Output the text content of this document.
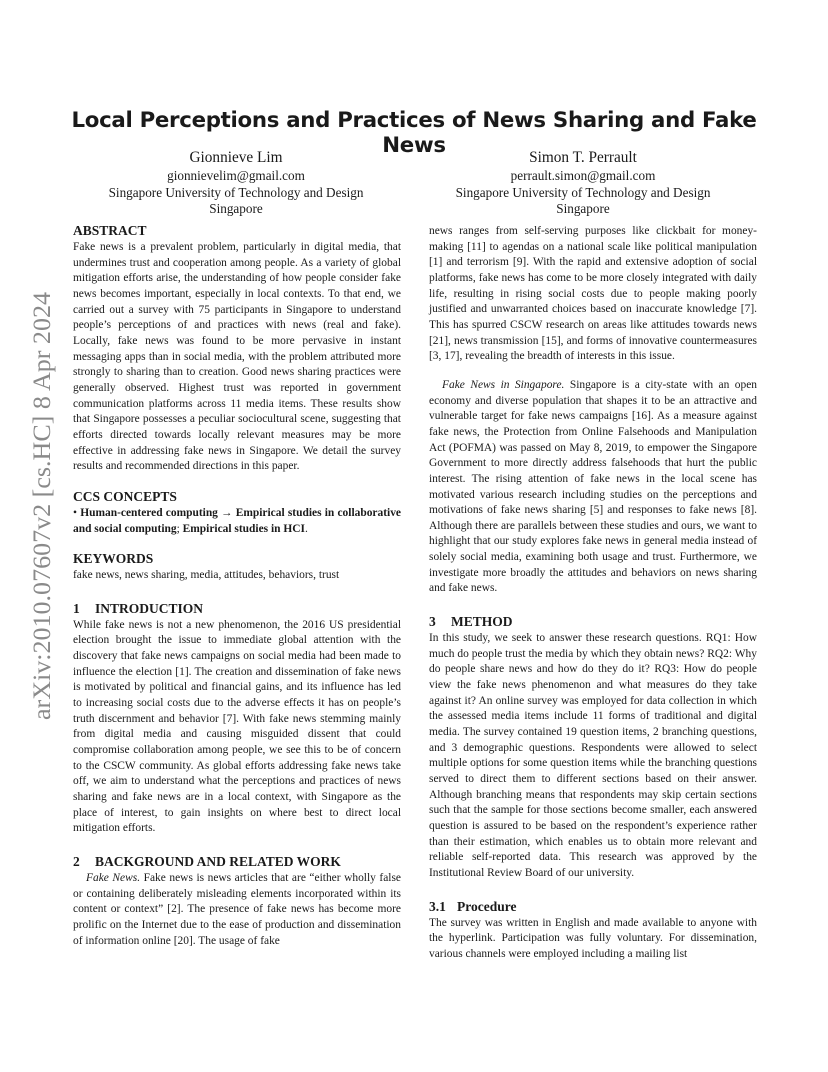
arXiv:2010.07607v2 [cs.HC] 8 Apr 2024
Local Perceptions and Practices of News Sharing and Fake News
Gionnieve Lim
gionnievelim@gmail.com
Singapore University of Technology and Design
Singapore
Simon T. Perrault
perrault.simon@gmail.com
Singapore University of Technology and Design
Singapore
ABSTRACT

Fake news is a prevalent problem, particularly in digital media, that undermines trust and cooperation among people. As a variety of global mitigation efforts arise, the understanding of how people consider fake news becomes important, especially in local contexts. To that end, we carried out a survey with 75 participants in Singapore to understand people’s perceptions of and practices with news (real and fake). Locally, fake news was found to be more pervasive in instant messaging apps than in social media, with the problem attributed more strongly to sharing than to creation. Good news sharing practices were generally observed. Highest trust was reported in government communication platforms across 11 media items. These results show that Singapore possesses a peculiar sociocultural scene, suggesting that efforts directed towards locally relevant measures may be more effective in addressing fake news in Singapore. We detail the survey results and recommended directions in this paper.

CCS CONCEPTS

• Human-centered computing → Empirical studies in collaborative and social computing; Empirical studies in HCI.

KEYWORDS

fake news, news sharing, media, attitudes, behaviors, trust

1 INTRODUCTION

While fake news is not a new phenomenon, the 2016 US presidential election brought the issue to immediate global attention with the discovery that fake news campaigns on social media had been made to influence the election [1]. The creation and dissemination of fake news is motivated by political and financial gains, and its influence has led to increasing social costs due to the adverse effects it has on people’s truth discernment and behavior [7]. With fake news stemming mainly from digital media and causing misguided dissent that could compromise collaboration among people, we see this to be of concern to the CSCW community. As global efforts addressing fake news take off, we aim to understand what the perceptions and practices of news sharing and fake news are in a local context, with Singapore as the place of interest, to gain insights on where best to direct local mitigation efforts.

2 BACKGROUND AND RELATED WORK

Fake News. Fake news is news articles that are “either wholly false or containing deliberately misleading elements incorporated within its content or context” [2]. The presence of fake news has become more prolific on the Internet due to the ease of production and dissemination of information online [20]. The usage of fake

news ranges from self-serving purposes like clickbait for money-making [11] to agendas on a national scale like political manipulation [1] and terrorism [9]. With the rapid and extensive adoption of social platforms, fake news has come to be more closely integrated with daily life, resulting in rising social costs due to people making poorly justified and unwarranted choices based on inaccurate knowledge [7]. This has spurred CSCW research on areas like attitudes towards news [21], news transmission [15], and forms of innovative countermeasures [3, 17], revealing the breadth of interests in this issue.

Fake News in Singapore. Singapore is a city-state with an open economy and diverse population that shapes it to be an attractive and vulnerable target for fake news campaigns [16]. As a measure against fake news, the Protection from Online Falsehoods and Manipulation Act (POFMA) was passed on May 8, 2019, to empower the Singapore Government to more directly address falsehoods that hurt the public interest. The rising attention of fake news in the local scene has motivated various research including studies on the perceptions and motivations of fake news sharing [5] and responses to fake news [8]. Although there are parallels between these studies and ours, we want to highlight that our study explores fake news in general media instead of solely social media, examining both usage and trust. Furthermore, we investigate more broadly the attitudes and behaviors on news sharing and fake news.

3 METHOD

In this study, we seek to answer these research questions. RQ1: How much do people trust the media by which they obtain news? RQ2: Why do people share news and how do they do it? RQ3: How do people view the fake news phenomenon and what measures do they take against it? An online survey was employed for data collection in which the assessed media items include 11 forms of traditional and digital media. The survey contained 19 question items, 2 branching questions, and 3 demographic questions. Respondents were allowed to select multiple options for some question items while the branching questions served to direct them to different sections based on their answer. Although branching means that respondents may skip certain sections such that the sample for those sections become smaller, each answered question is assured to be based on the respondent’s experience rather than their estimation, which enables us to obtain more relevant and reliable self-reported data. This research was approved by the Institutional Review Board of our university.

3.1 Procedure

The survey was written in English and made available to anyone with the hyperlink. Participation was fully voluntary. For dissemination, various channels were employed including a mailing list
